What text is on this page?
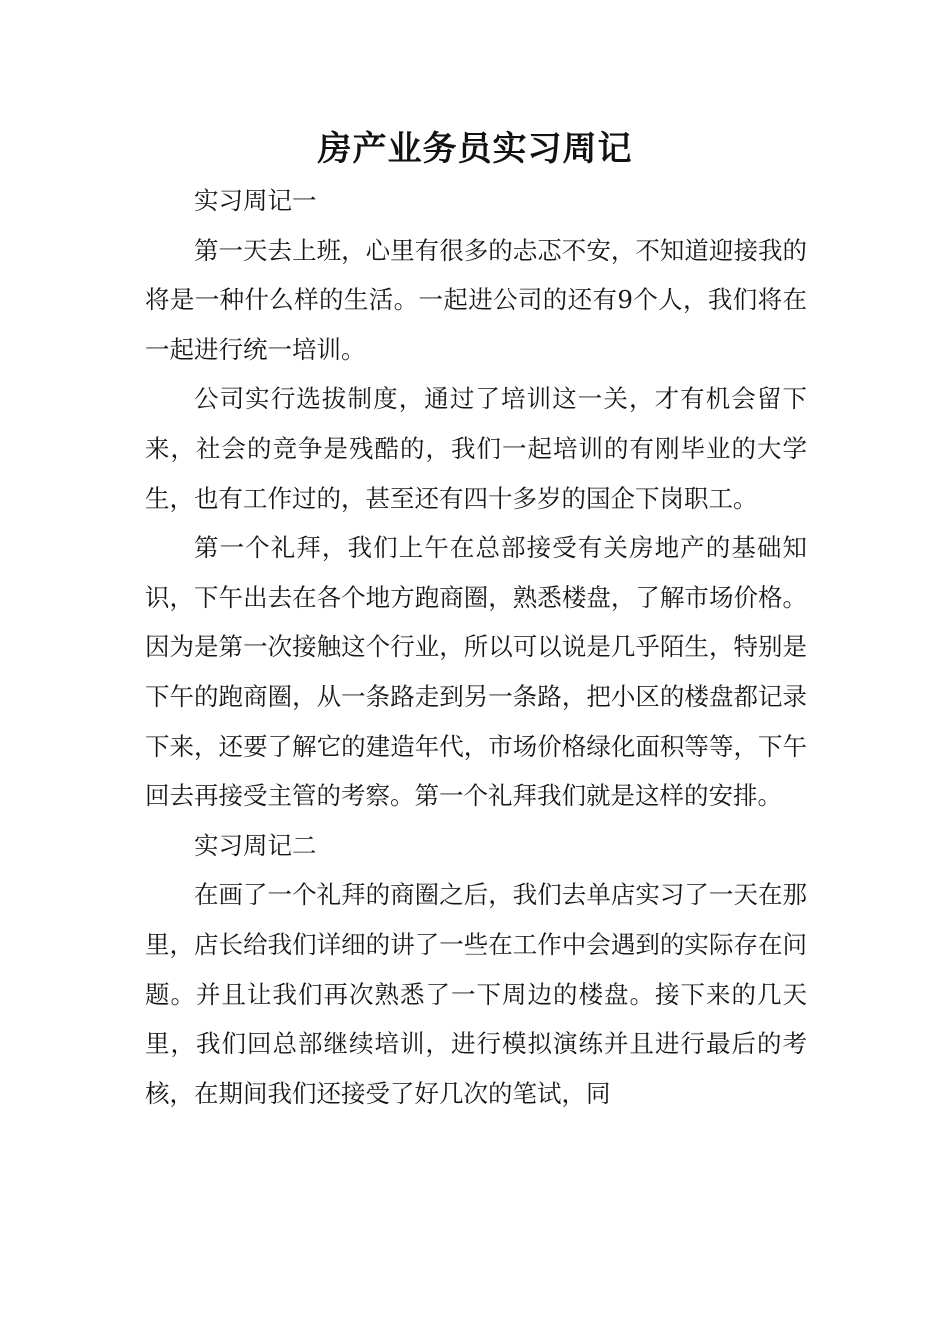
房产业务员实习周记

实习周记一

第一天去上班，心里有很多的忐忑不安，不知道迎接我的将是一种什么样的生活。一起进公司的还有9个人，我们将在一起进行统一培训。

公司实行选拔制度，通过了培训这一关，才有机会留下来，社会的竞争是残酷的，我们一起培训的有刚毕业的大学生，也有工作过的，甚至还有四十多岁的国企下岗职工。

第一个礼拜，我们上午在总部接受有关房地产的基础知识，下午出去在各个地方跑商圈，熟悉楼盘，了解市场价格。因为是第一次接触这个行业，所以可以说是几乎陌生，特别是下午的跑商圈，从一条路走到另一条路，把小区的楼盘都记录下来，还要了解它的建造年代，市场价格绿化面积等等，下午回去再接受主管的考察。第一个礼拜我们就是这样的安排。

实习周记二

在画了一个礼拜的商圈之后，我们去单店实习了一天在那里，店长给我们详细的讲了一些在工作中会遇到的实际存在问题。并且让我们再次熟悉了一下周边的楼盘。接下来的几天里，我们回总部继续培训，进行模拟演练并且进行最后的考核，在期间我们还接受了好几次的笔试，同
